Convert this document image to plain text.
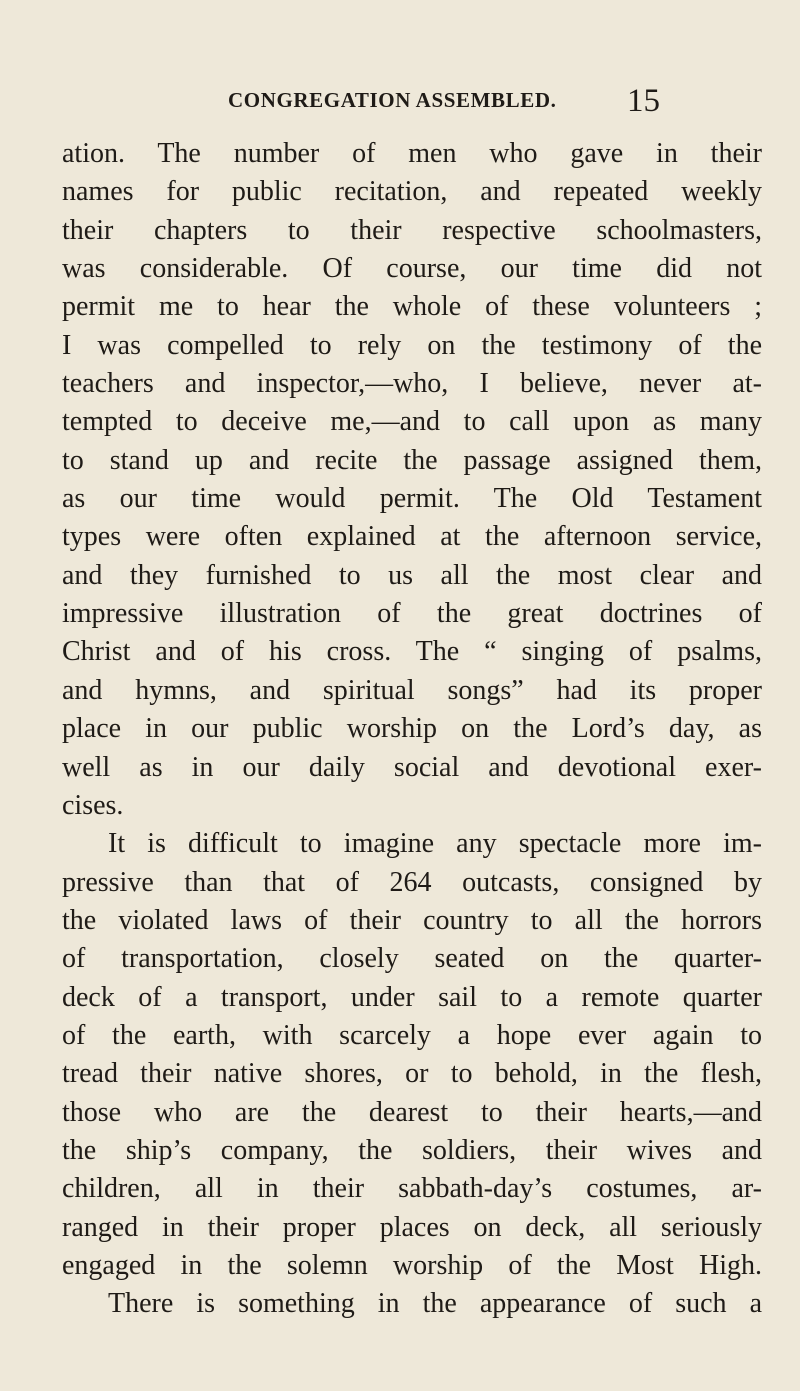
CONGREGATION ASSEMBLED. 15
ation. The number of men who gave in their
names for public recitation, and repeated weekly
their chapters to their respective schoolmasters,
was considerable. Of course, our time did not
permit me to hear the whole of these volunteers ;
I was compelled to rely on the testimony of the
teachers and inspector,—who, I believe, never at-
tempted to deceive me,—and to call upon as many
to stand up and recite the passage assigned them,
as our time would permit. The Old Testament
types were often explained at the afternoon service,
and they furnished to us all the most clear and
impressive illustration of the great doctrines of
Christ and of his cross. The “ singing of psalms,
and hymns, and spiritual songs” had its proper
place in our public worship on the Lord’s day, as
well as in our daily social and devotional exer-
cises.
It is difficult to imagine any spectacle more im-
pressive than that of 264 outcasts, consigned by
the violated laws of their country to all the horrors
of transportation, closely seated on the quarter-
deck of a transport, under sail to a remote quarter
of the earth, with scarcely a hope ever again to
tread their native shores, or to behold, in the flesh,
those who are the dearest to their hearts,—and
the ship’s company, the soldiers, their wives and
children, all in their sabbath-day’s costumes, ar-
ranged in their proper places on deck, all seriously
engaged in the solemn worship of the Most High.
There is something in the appearance of such a
